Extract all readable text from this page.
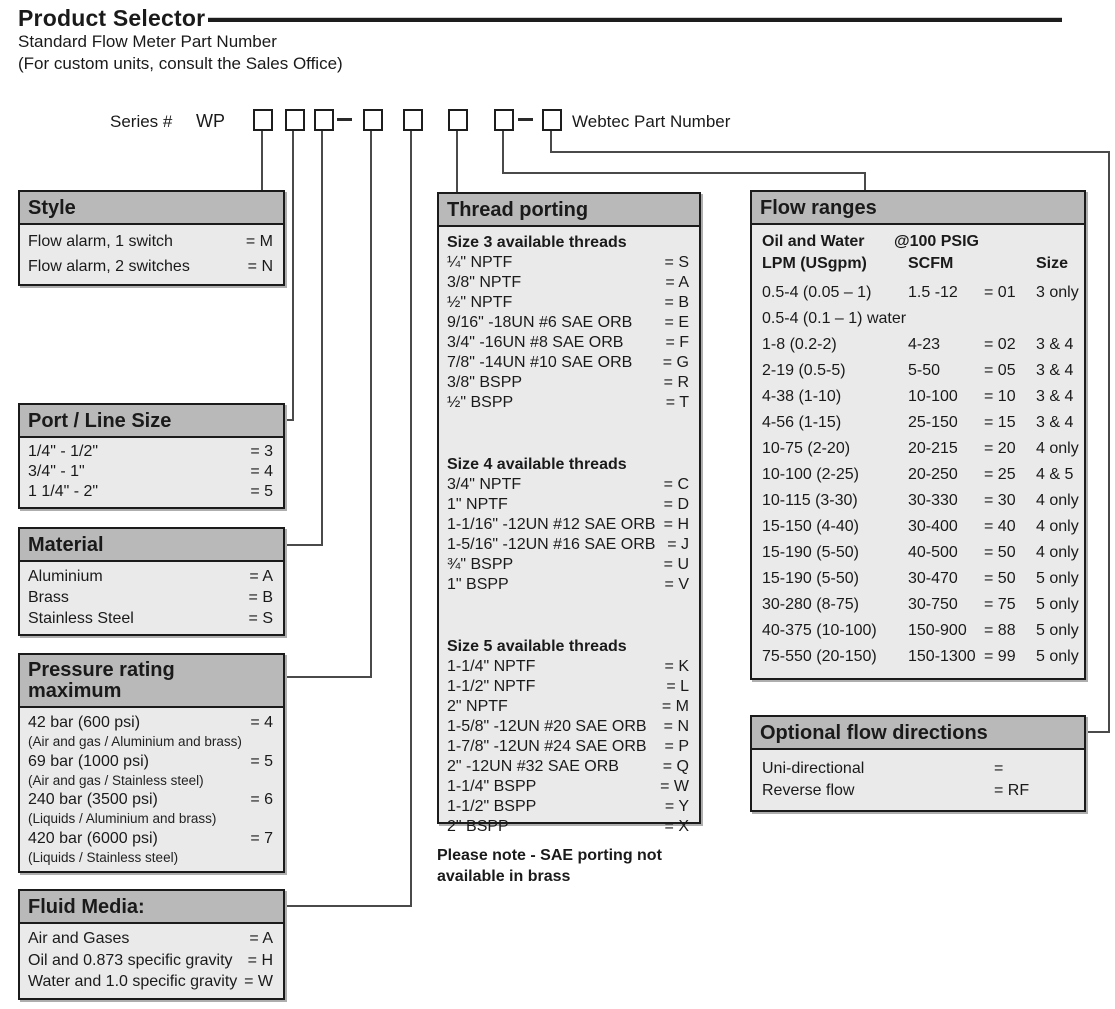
Product Selector
Standard Flow Meter Part Number
(For custom units, consult the Sales Office)
Series # WP	Webtec Part Number
Style
Flow alarm, 1 switch	= M
Flow alarm, 2 switches	= N
Port / Line Size
1/4" - 1/2"	= 3
3/4" - 1"	= 4
1 1/4" - 2"	= 5
Material
Aluminium	= A
Brass	= B
Stainless Steel	= S
Pressure rating
maximum
42 bar (600 psi)	= 4
(Air and gas / Aluminium and brass)
69 bar (1000 psi)	= 5
(Air and gas / Stainless steel)
240 bar (3500 psi)	= 6
(Liquids / Aluminium and brass)
420 bar (6000 psi)	= 7
(Liquids / Stainless steel)
Fluid Media:
Air and Gases	= A
Oil and 0.873 specific gravity = H
Water and 1.0 specific gravity = W
Thread porting
Size 3 available threads
¼" NPTF	= S
3/8" NPTF	= A
½" NPTF	= B
9/16" -18UN #6 SAE ORB = E
3/4" -16UN #8 SAE ORB	= F
7/8" -14UN #10 SAE ORB = G
3/8" BSPP	= R
½" BSPP	= T
Size 4 available threads
3/4" NPTF	= C
1" NPTF	= D
1-1/16" -12UN #12 SAE ORB = H
1-5/16" -12UN #16 SAE ORB = J
¾" BSPP	= U
1" BSPP	= V
Size 5 available threads
1-1/4" NPTF	= K
1-1/2" NPTF	= L
2" NPTF	= M
1-5/8" -12UN #20 SAE ORB = N
1-7/8" -12UN #24 SAE ORB = P
2" -12UN #32 SAE ORB	= Q
1-1/4" BSPP	= W
1-1/2" BSPP	= Y
2" BSPP	= X
Please note - SAE porting not
available in brass
Flow ranges
Oil and Water	@100 PSIG
LPM (USgpm)	SCFM	Size
0.5-4 (0.05 – 1)	1.5 -12	= 01	3 only
0.5-4 (0.1 – 1) water
1-8 (0.2-2)	4-23	= 02	3 & 4
2-19 (0.5-5)	5-50	= 05	3 & 4
4-38 (1-10)	10-100	= 10	3 & 4
4-56 (1-15)	25-150	= 15	3 & 4
10-75 (2-20)	20-215	= 20	4 only
10-100 (2-25)	20-250	= 25	4 & 5
10-115 (3-30)	30-330	= 30	4 only
15-150 (4-40)	30-400	= 40	4 only
15-190 (5-50)	40-500	= 50	4 only
15-190 (5-50)	30-470	= 50	5 only
30-280 (8-75)	30-750	= 75	5 only
40-375 (10-100)	150-900	= 88	5 only
75-550 (20-150)	150-1300 = 99	5 only
Optional flow directions
Uni-directional	=
Reverse flow	= RF
